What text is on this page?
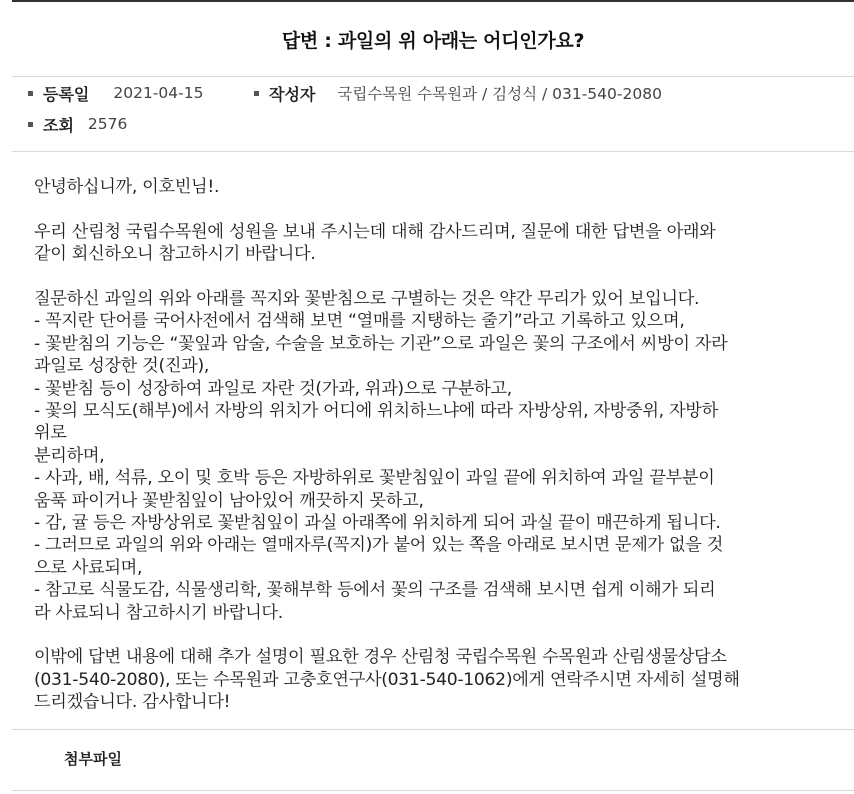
답변 : 과일의 위 아래는 어디인가요?
등록일 2021-04-15	작성자 국립수목원 수목원과 / 김성식 / 031-540-2080
조회 2576

안녕하십니까, 이호빈님!.

우리 산림청 국립수목원에 성원을 보내 주시는데 대해 감사드리며, 질문에 대한 답변을 아래와
같이 회신하오니 참고하시기 바랍니다.

질문하신 과일의 위와 아래를 꼭지와 꽃받침으로 구별하는 것은 약간 무리가 있어 보입니다.
- 꼭지란 단어를 국어사전에서 검색해 보면 “열매를 지탱하는 줄기”라고 기록하고 있으며,
- 꽃받침의 기능은 “꽃잎과 암술, 수술을 보호하는 기관”으로 과일은 꽃의 구조에서 씨방이 자라
과일로 성장한 것(진과),
- 꽃받침 등이 성장하여 과일로 자란 것(가과, 위과)으로 구분하고,
- 꽃의 모식도(해부)에서 자방의 위치가 어디에 위치하느냐에 따라 자방상위, 자방중위, 자방하
위로
분리하며,
- 사과, 배, 석류, 오이 및 호박 등은 자방하위로 꽃받침잎이 과일 끝에 위치하여 과일 끝부분이
움푹 파이거나 꽃받침잎이 남아있어 깨끗하지 못하고,
- 감, 귤 등은 자방상위로 꽃받침잎이 과실 아래쪽에 위치하게 되어 과실 끝이 매끈하게 됩니다.
- 그러므로 과일의 위와 아래는 열매자루(꼭지)가 붙어 있는 쪽을 아래로 보시면 문제가 없을 것
으로 사료되며,
- 참고로 식물도감, 식물생리학, 꽃해부학 등에서 꽃의 구조를 검색해 보시면 쉽게 이해가 되리
라 사료되니 참고하시기 바랍니다.

이밖에 답변 내용에 대해 추가 설명이 필요한 경우 산림청 국립수목원 수목원과 산림생물상담소
(031-540-2080), 또는 수목원과 고충호연구사(031-540-1062)에게 연락주시면 자세히 설명해
드리겠습니다. 감사합니다!

첨부파일
